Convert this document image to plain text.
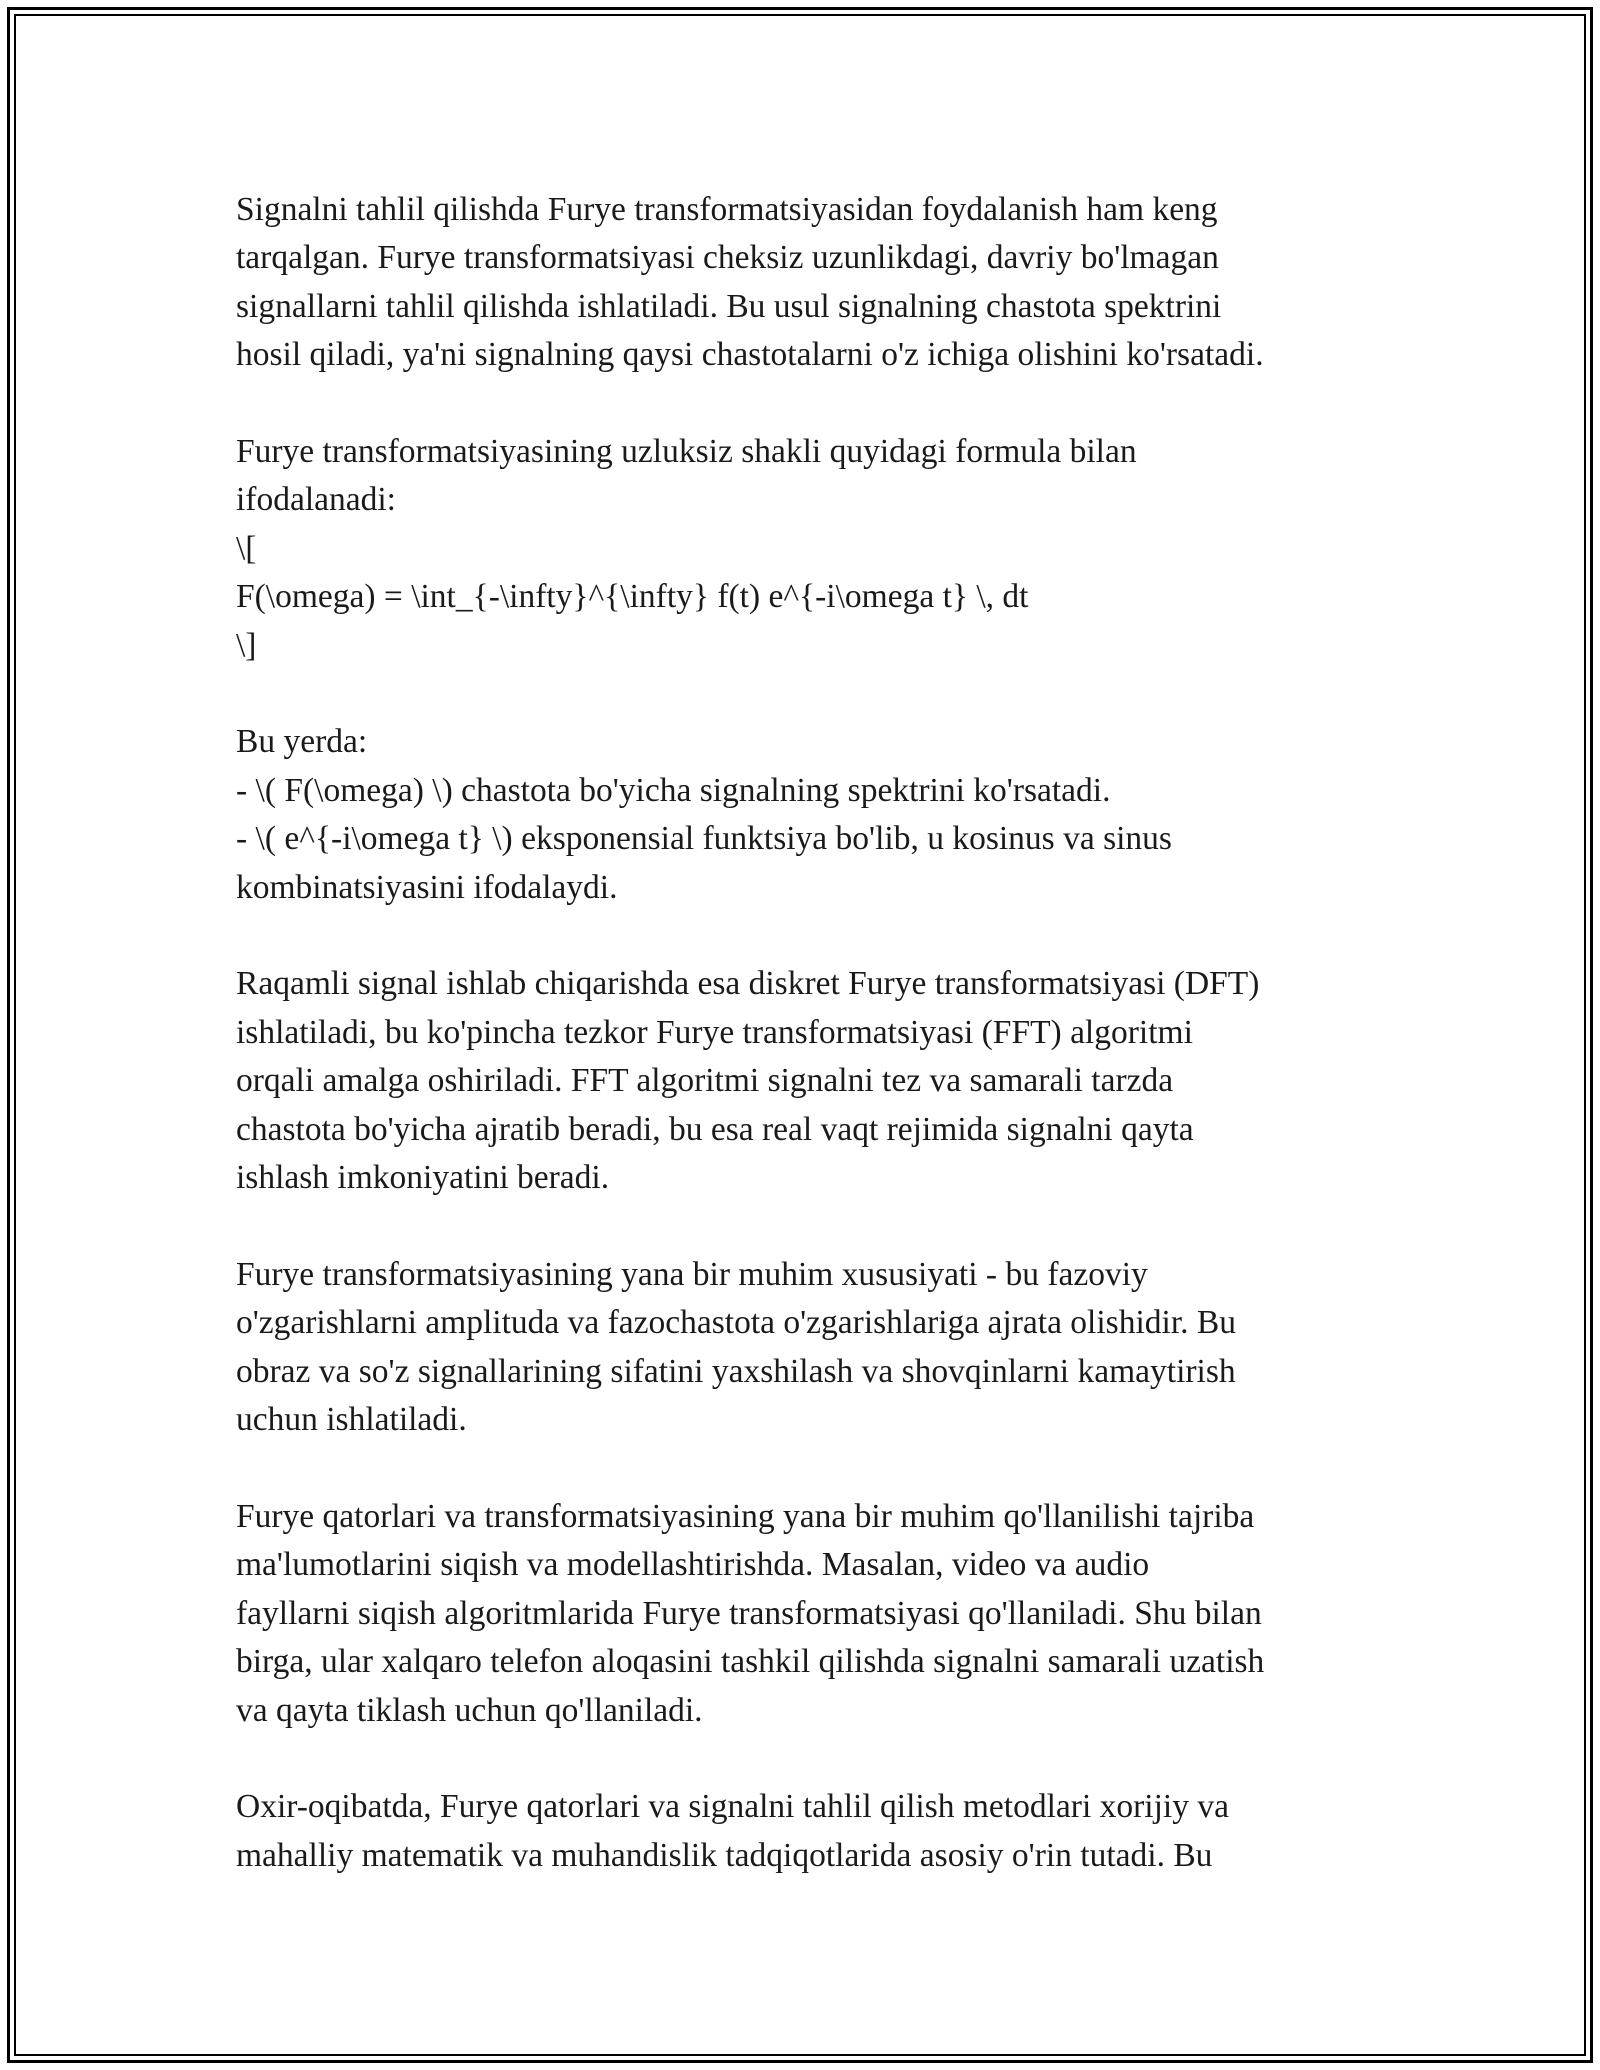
Signalni tahlil qilishda Furye transformatsiyasidan foydalanish ham keng
tarqalgan. Furye transformatsiyasi cheksiz uzunlikdagi, davriy bo'lmagan
signallarni tahlil qilishda ishlatiladi. Bu usul signalning chastota spektrini
hosil qiladi, ya'ni signalning qaysi chastotalarni o'z ichiga olishini ko'rsatadi.

Furye transformatsiyasining uzluksiz shakli quyidagi formula bilan
ifodalanadi:
\[
F(\omega) = \int_{-\infty}^{\infty} f(t) e^{-i\omega t} \, dt
\]

Bu yerda:
- \( F(\omega) \) chastota bo'yicha signalning spektrini ko'rsatadi.
- \( e^{-i\omega t} \) eksponensial funktsiya bo'lib, u kosinus va sinus
kombinatsiyasini ifodalaydi.

Raqamli signal ishlab chiqarishda esa diskret Furye transformatsiyasi (DFT)
ishlatiladi, bu ko'pincha tezkor Furye transformatsiyasi (FFT) algoritmi
orqali amalga oshiriladi. FFT algoritmi signalni tez va samarali tarzda
chastota bo'yicha ajratib beradi, bu esa real vaqt rejimida signalni qayta
ishlash imkoniyatini beradi.

Furye transformatsiyasining yana bir muhim xususiyati - bu fazoviy
o'zgarishlarni amplituda va fazochastota o'zgarishlariga ajrata olishidir. Bu
obraz va so'z signallarining sifatini yaxshilash va shovqinlarni kamaytirish
uchun ishlatiladi.

Furye qatorlari va transformatsiyasining yana bir muhim qo'llanilishi tajriba
ma'lumotlarini siqish va modellashtirishda. Masalan, video va audio
fayllarni siqish algoritmlarida Furye transformatsiyasi qo'llaniladi. Shu bilan
birga, ular xalqaro telefon aloqasini tashkil qilishda signalni samarali uzatish
va qayta tiklash uchun qo'llaniladi.

Oxir-oqibatda, Furye qatorlari va signalni tahlil qilish metodlari xorijiy va
mahalliy matematik va muhandislik tadqiqotlarida asosiy o'rin tutadi. Bu
